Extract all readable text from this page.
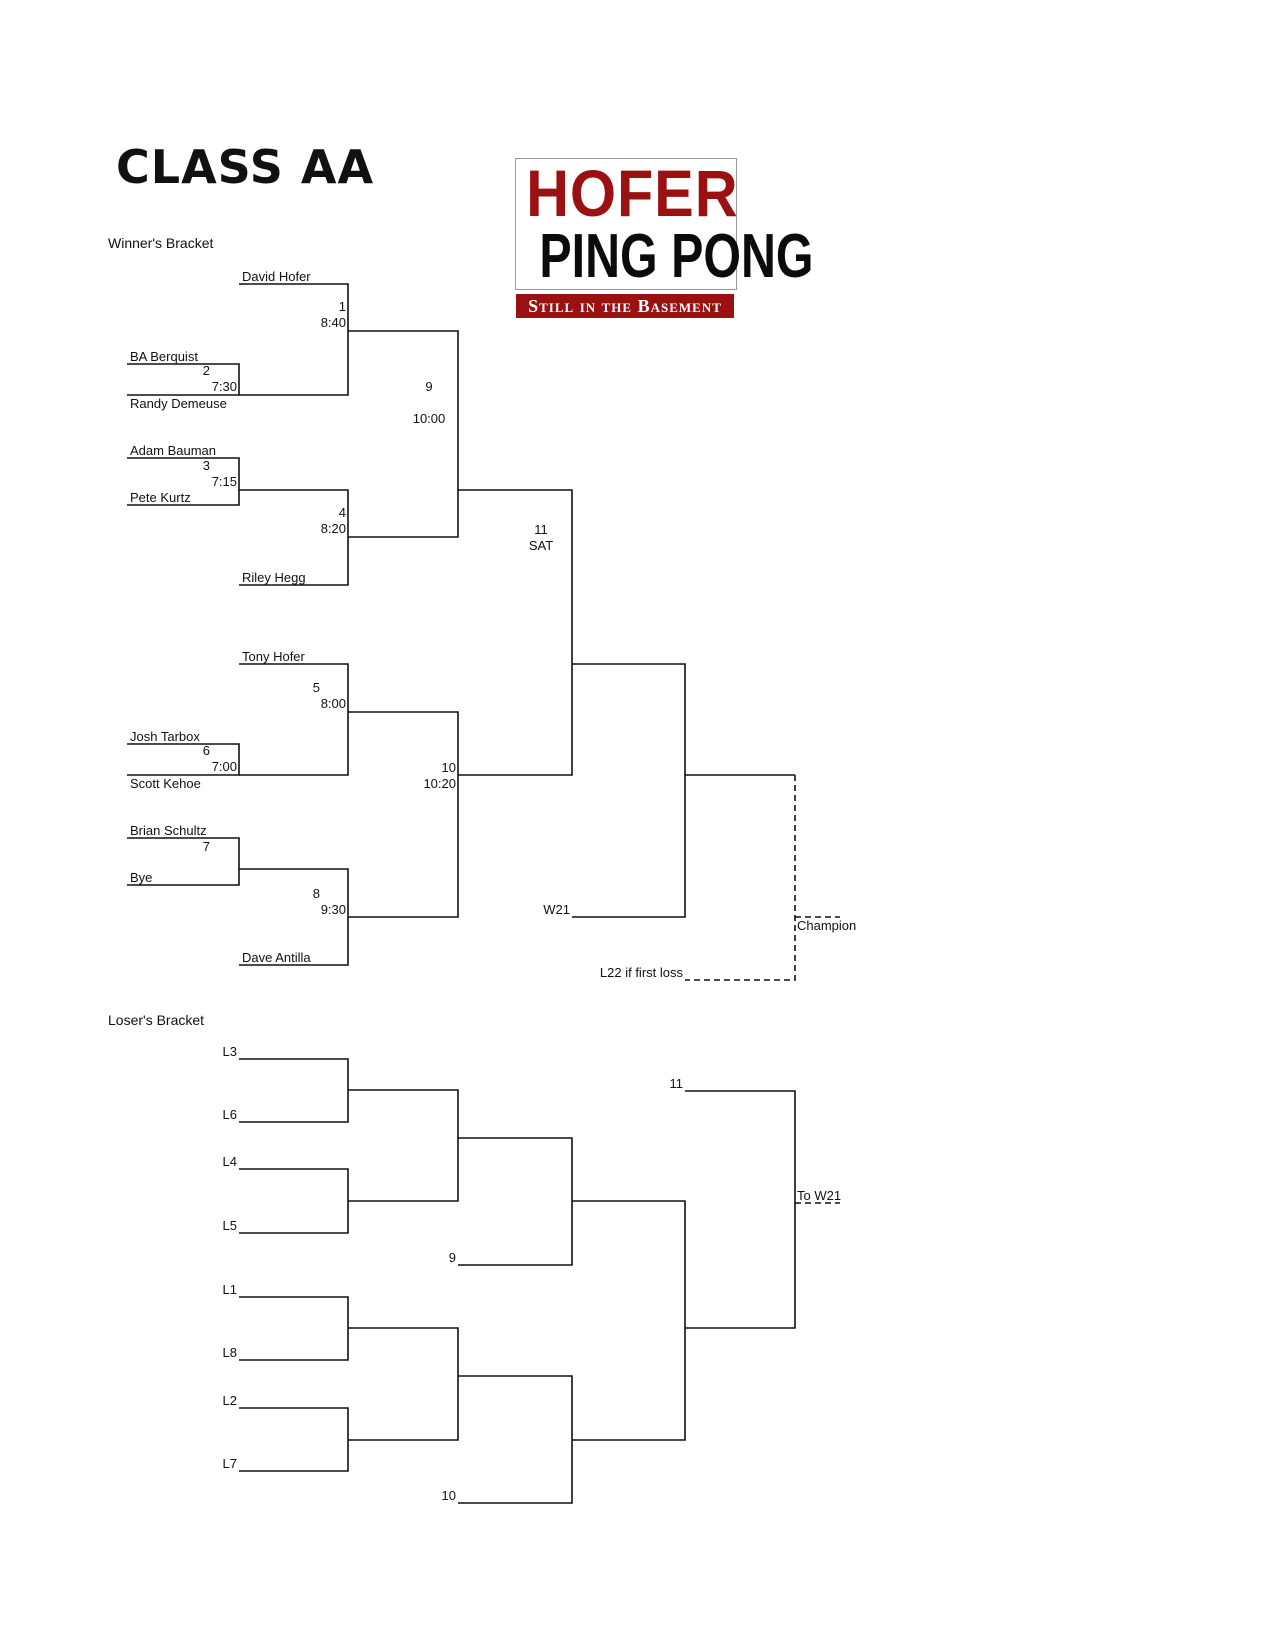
CLASS AA HOFER
PING PONG
Still in the Basement
Winner's Bracket
Loser's Bracket
David Hofer
BA Berquist
Randy Demeuse
Adam Bauman
Pete Kurtz
Riley Hegg
Tony Hofer
Josh Tarbox
Scott Kehoe
Brian Schultz
Bye
Dave Antilla
1
8:40
2
7:30
3
7:15
4
8:20
5
8:00
6
7:00
7
8
9:30
9
10:00
10
10:20
11
SAT
W21
L22 if first loss
Champion
L3
L6
L4
L5
L1
L8
L2
L7
9
10
11
To W21
